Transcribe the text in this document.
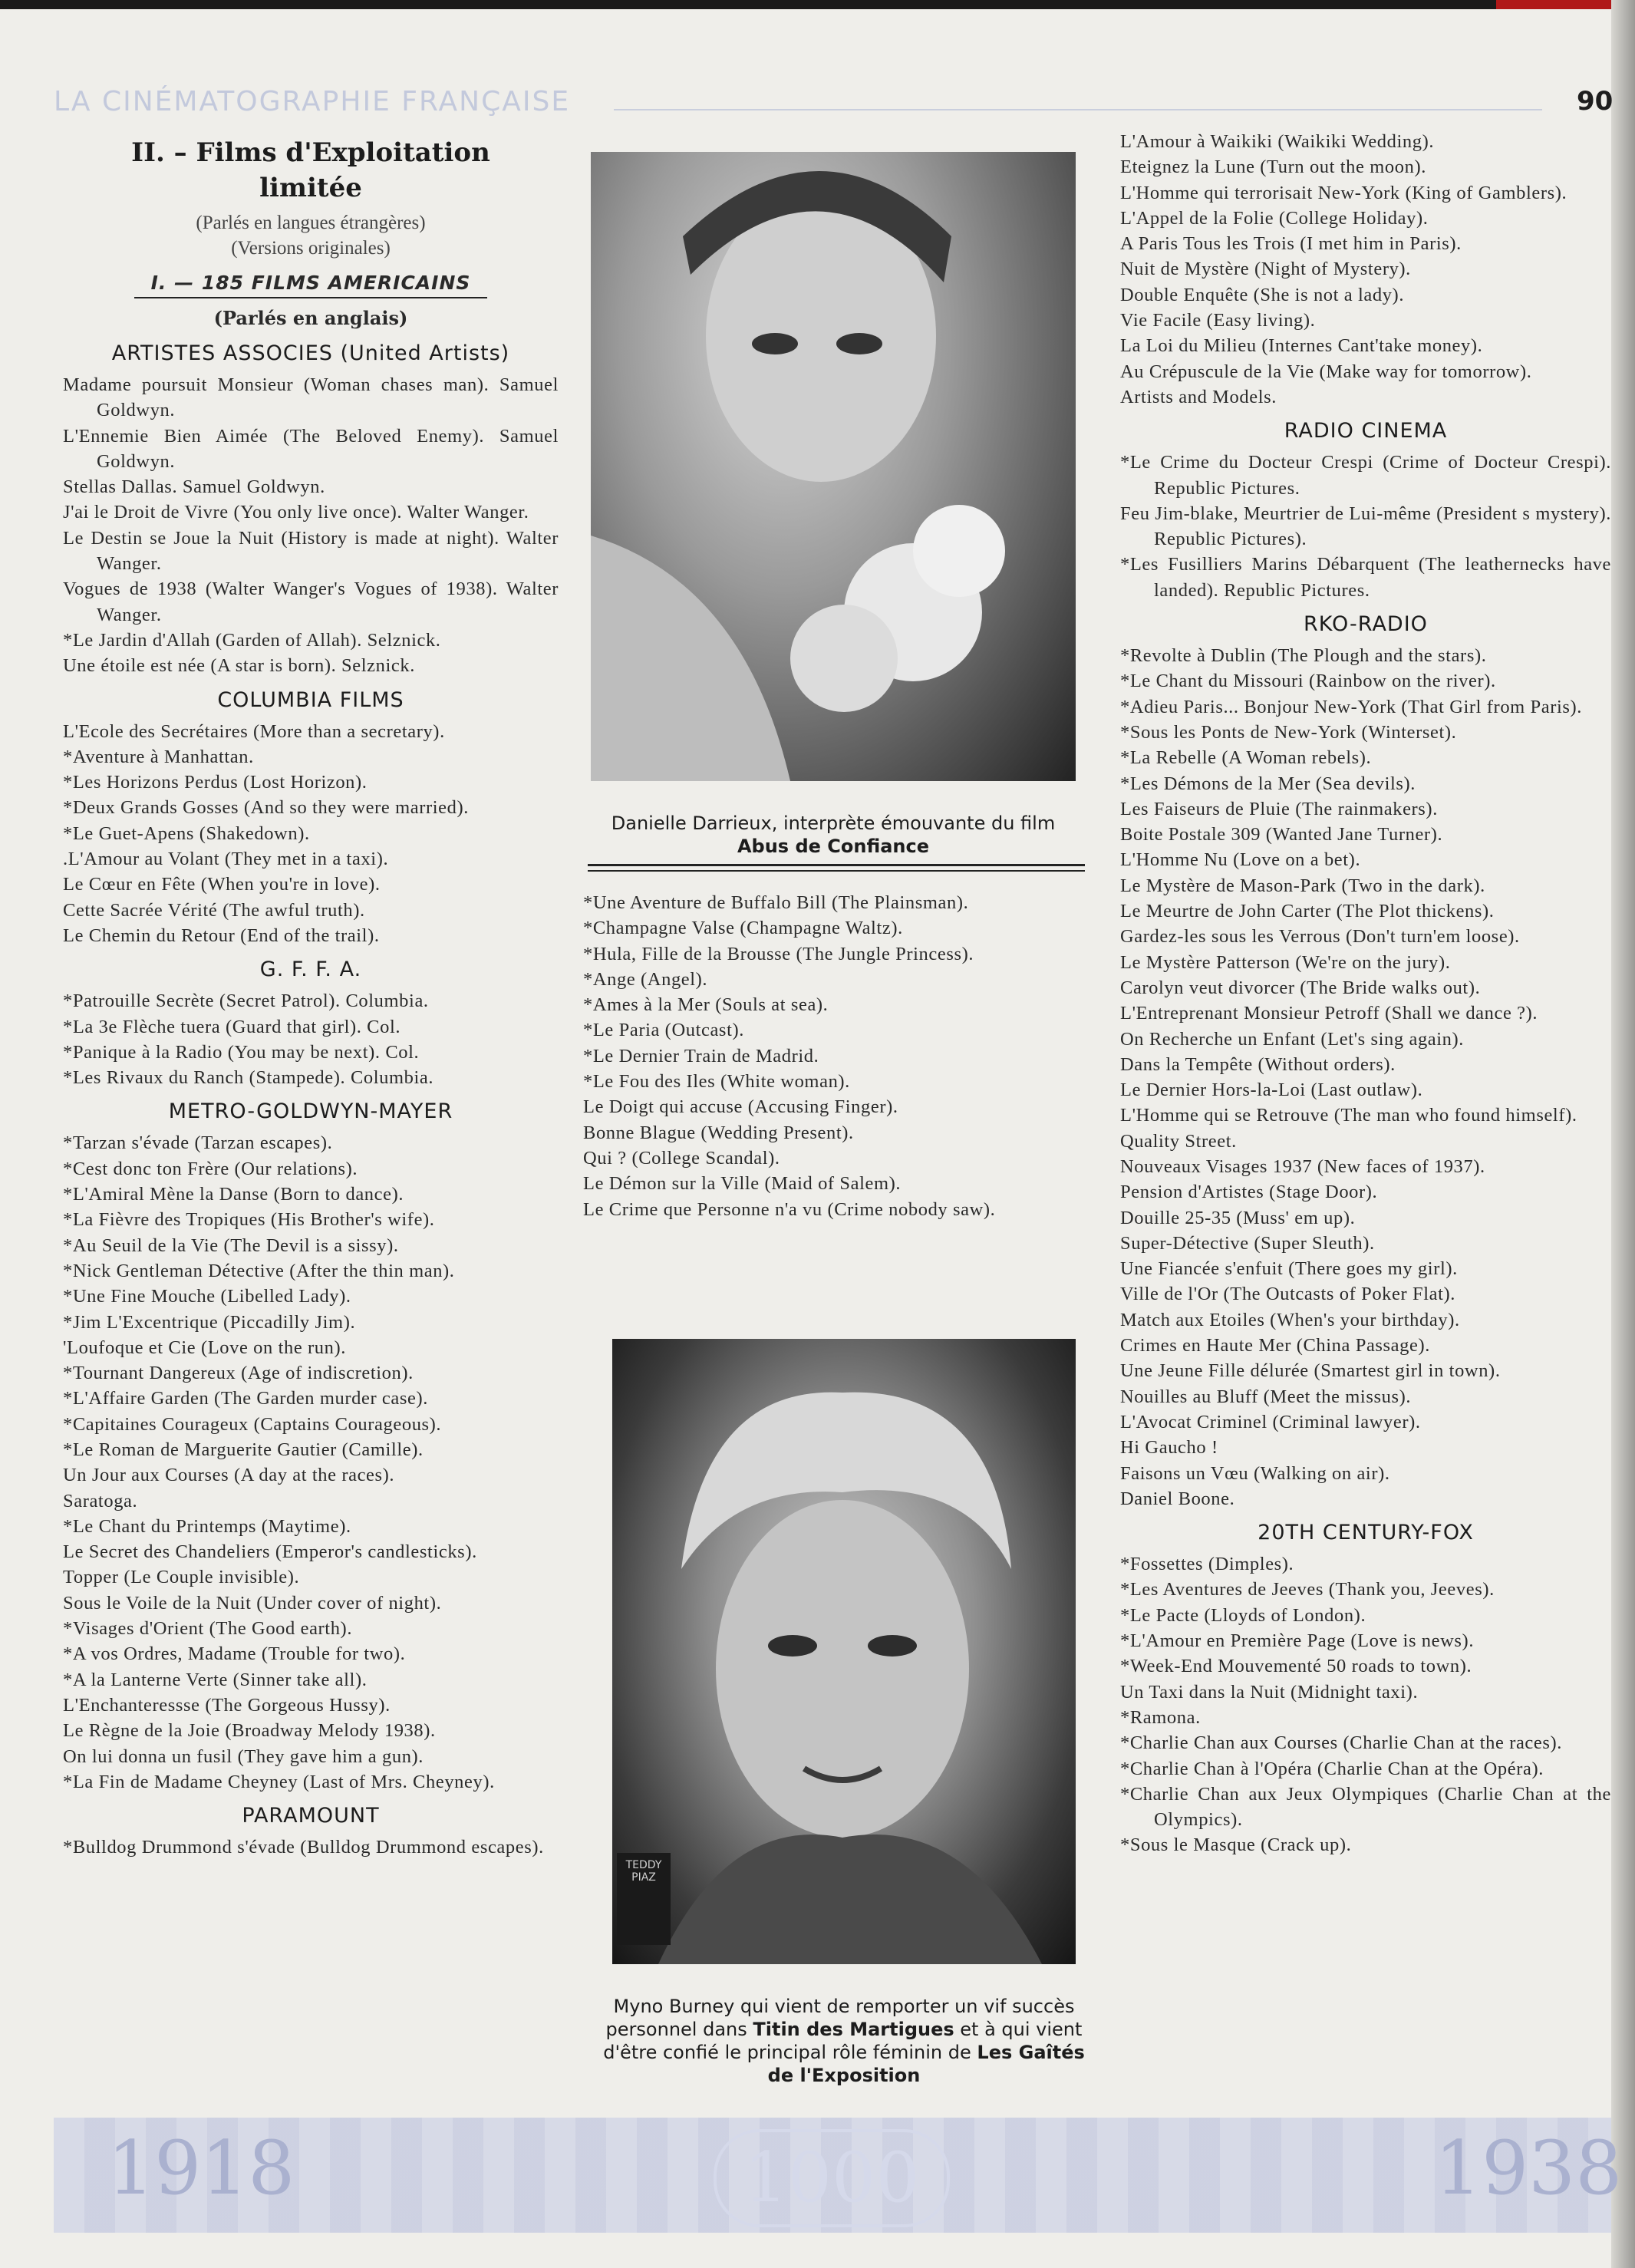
LA CINÉMATOGRAPHIE FRANÇAISE	90
II. – Films d'Exploitation
limitée
(Parlés en langues étrangères)
(Versions originales)
I. — 185 FILMS AMERICAINS
(Parlés en anglais)
ARTISTES ASSOCIES (United Artists)
Madame poursuit Monsieur (Woman chases man). Samuel Goldwyn.
L'Ennemie Bien Aimée (The Beloved Enemy). Samuel Goldwyn.
Stellas Dallas. Samuel Goldwyn.
J'ai le Droit de Vivre (You only live once). Walter Wanger.
Le Destin se Joue la Nuit (History is made at night). Walter Wanger.
Vogues de 1938 (Walter Wanger's Vogues of 1938). Walter Wanger.
*Le Jardin d'Allah (Garden of Allah). Selznick.
Une étoile est née (A star is born). Selznick.
COLUMBIA FILMS
L'Ecole des Secrétaires (More than a secretary).
*Aventure à Manhattan.
*Les Horizons Perdus (Lost Horizon).
*Deux Grands Gosses (And so they were married).
*Le Guet-Apens (Shakedown).
.L'Amour au Volant (They met in a taxi).
Le Cœur en Fête (When you're in love).
Cette Sacrée Vérité (The awful truth).
Le Chemin du Retour (End of the trail).
G. F. F. A.
*Patrouille Secrète (Secret Patrol). Columbia.
*La 3e Flèche tuera (Guard that girl). Col.
*Panique à la Radio (You may be next). Col.
*Les Rivaux du Ranch (Stampede). Columbia.
METRO-GOLDWYN-MAYER
*Tarzan s'évade (Tarzan escapes).
*Cest donc ton Frère (Our relations).
*L'Amiral Mène la Danse (Born to dance).
*La Fièvre des Tropiques (His Brother's wife).
*Au Seuil de la Vie (The Devil is a sissy).
*Nick Gentleman Détective (After the thin man).
*Une Fine Mouche (Libelled Lady).
*Jim L'Excentrique (Piccadilly Jim).
'Loufoque et Cie (Love on the run).
*Tournant Dangereux (Age of indiscretion).
*L'Affaire Garden (The Garden murder case).
*Capitaines Courageux (Captains Courageous).
*Le Roman de Marguerite Gautier (Camille).
Un Jour aux Courses (A day at the races).
Saratoga.
*Le Chant du Printemps (Maytime).
Le Secret des Chandeliers (Emperor's candlesticks).
Topper (Le Couple invisible).
Sous le Voile de la Nuit (Under cover of night).
*Visages d'Orient (The Good earth).
*A vos Ordres, Madame (Trouble for two).
*A la Lanterne Verte (Sinner take all).
L'Enchanteressse (The Gorgeous Hussy).
Le Règne de la Joie (Broadway Melody 1938).
On lui donna un fusil (They gave him a gun).
*La Fin de Madame Cheyney (Last of Mrs. Cheyney).
PARAMOUNT
*Bulldog Drummond s'évade (Bulldog Drummond escapes).
Danielle Darrieux, interprète émouvante du film
Abus de Confiance
*Une Aventure de Buffalo Bill (The Plainsman).
*Champagne Valse (Champagne Waltz).
*Hula, Fille de la Brousse (The Jungle Princess).
*Ange (Angel).
*Ames à la Mer (Souls at sea).
*Le Paria (Outcast).
*Le Dernier Train de Madrid.
*Le Fou des Iles (White woman).
Le Doigt qui accuse (Accusing Finger).
Bonne Blague (Wedding Present).
Qui ? (College Scandal).
Le Démon sur la Ville (Maid of Salem).
Le Crime que Personne n'a vu (Crime nobody saw).
TEDDY PIAZ
Myno Burney qui vient de remporter un vif succès personnel dans Titin des Martigues et à qui vient d'être confié le principal rôle féminin de Les Gaîtés de l'Exposition
L'Amour à Waikiki (Waikiki Wedding).
Eteignez la Lune (Turn out the moon).
L'Homme qui terrorisait New-York (King of Gamblers).
L'Appel de la Folie (College Holiday).
A Paris Tous les Trois (I met him in Paris).
Nuit de Mystère (Night of Mystery).
Double Enquête (She is not a lady).
Vie Facile (Easy living).
La Loi du Milieu (Internes Cant'take money).
Au Crépuscule de la Vie (Make way for tomorrow).
Artists and Models.
RADIO CINEMA
*Le Crime du Docteur Crespi (Crime of Docteur Crespi). Republic Pictures.
Feu Jim-blake, Meurtrier de Lui-même (President s mystery). Republic Pictures).
*Les Fusilliers Marins Débarquent (The leathernecks have landed). Republic Pictures.
RKO-RADIO
*Revolte à Dublin (The Plough and the stars).
*Le Chant du Missouri (Rainbow on the river).
*Adieu Paris... Bonjour New-York (That Girl from Paris).
*Sous les Ponts de New-York (Winterset).
*La Rebelle (A Woman rebels).
*Les Démons de la Mer (Sea devils).
Les Faiseurs de Pluie (The rainmakers).
Boite Postale 309 (Wanted Jane Turner).
L'Homme Nu (Love on a bet).
Le Mystère de Mason-Park (Two in the dark).
Le Meurtre de John Carter (The Plot thickens).
Gardez-les sous les Verrous (Don't turn'em loose).
Le Mystère Patterson (We're on the jury).
Carolyn veut divorcer (The Bride walks out).
L'Entreprenant Monsieur Petroff (Shall we dance ?).
On Recherche un Enfant (Let's sing again).
Dans la Tempête (Without orders).
Le Dernier Hors-la-Loi (Last outlaw).
L'Homme qui se Retrouve (The man who found himself).
Quality Street.
Nouveaux Visages 1937 (New faces of 1937).
Pension d'Artistes (Stage Door).
Douille 25-35 (Muss' em up).
Super-Détective (Super Sleuth).
Une Fiancée s'enfuit (There goes my girl).
Ville de l'Or (The Outcasts of Poker Flat).
Match aux Etoiles (When's your birthday).
Crimes en Haute Mer (China Passage).
Une Jeune Fille délurée (Smartest girl in town).
Nouilles au Bluff (Meet the missus).
L'Avocat Criminel (Criminal lawyer).
Hi Gaucho !
Faisons un Vœu (Walking on air).
Daniel Boone.
20TH CENTURY-FOX
*Fossettes (Dimples).
*Les Aventures de Jeeves (Thank you, Jeeves).
*Le Pacte (Lloyds of London).
*L'Amour en Première Page (Love is news).
*Week-End Mouvementé 50 roads to town).
Un Taxi dans la Nuit (Midnight taxi).
*Ramona.
*Charlie Chan aux Courses (Charlie Chan at the races).
*Charlie Chan à l'Opéra (Charlie Chan at the Opéra).
*Charlie Chan aux Jeux Olympiques (Charlie Chan at the Olympics).
*Sous le Masque (Crack up).
1918	1000	1938
